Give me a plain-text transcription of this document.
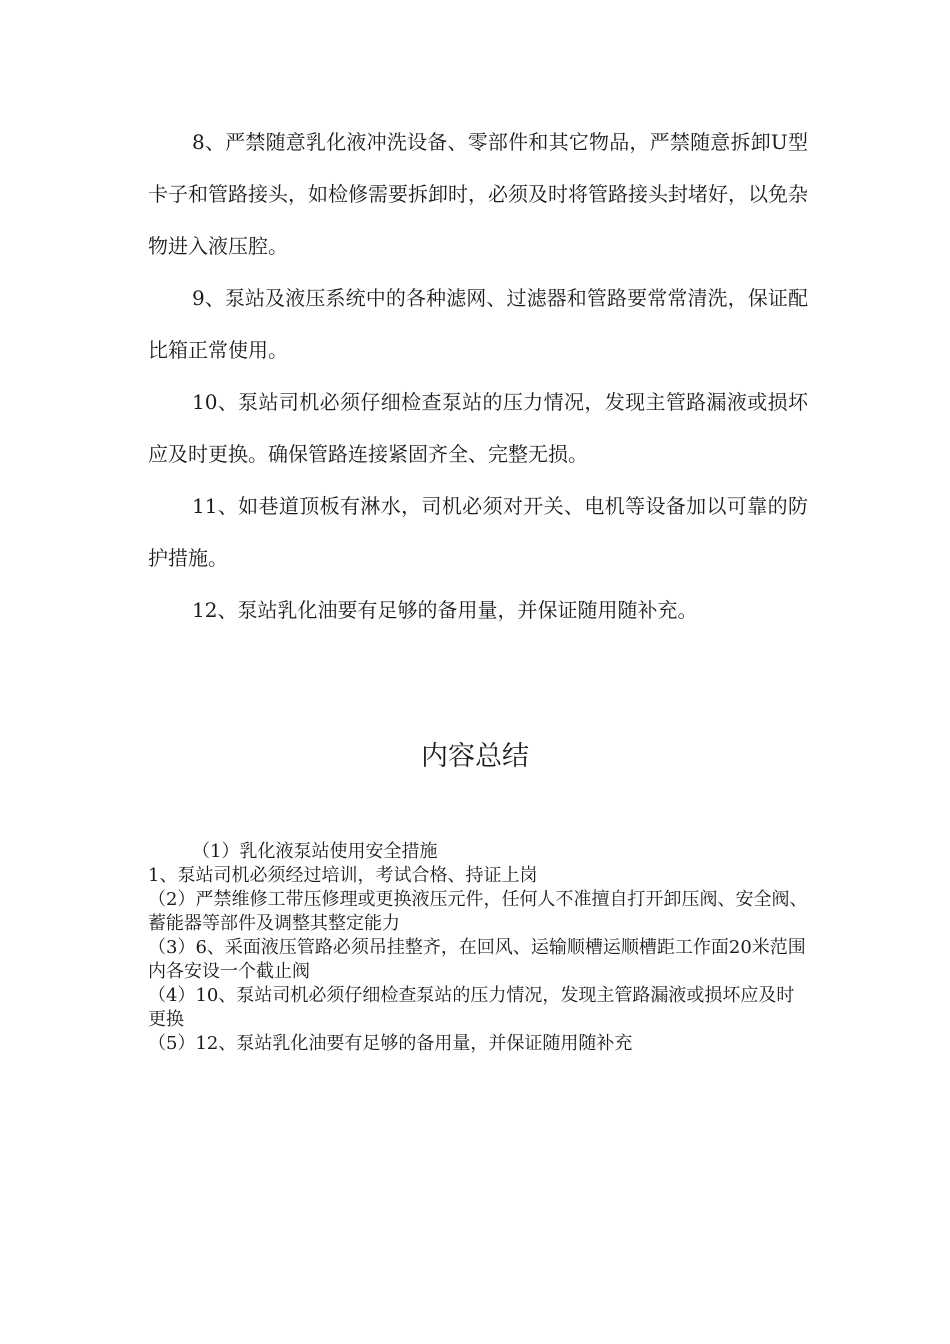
8、严禁随意乳化液冲洗设备、零部件和其它物品，严禁随意拆卸U型卡子和管路接头，如检修需要拆卸时，必须及时将管路接头封堵好，以免杂物进入液压腔。

9、泵站及液压系统中的各种滤网、过滤器和管路要常常清洗，保证配比箱正常使用。

10、泵站司机必须仔细检查泵站的压力情况，发现主管路漏液或损坏应及时更换。确保管路连接紧固齐全、完整无损。

11、如巷道顶板有淋水，司机必须对开关、电机等设备加以可靠的防护措施。

12、泵站乳化油要有足够的备用量，并保证随用随补充。

内容总结
（1）乳化液泵站使用安全措施
1、泵站司机必须经过培训，考试合格、持证上岗
（2）严禁维修工带压修理或更换液压元件，任何人不准擅自打开卸压阀、安全阀、蓄能器等部件及调整其整定能力
（3）6、采面液压管路必须吊挂整齐，在回风、运输顺槽运顺槽距工作面20米范围内各安设一个截止阀
（4）10、泵站司机必须仔细检查泵站的压力情况，发现主管路漏液或损坏应及时更换
（5）12、泵站乳化油要有足够的备用量，并保证随用随补充
